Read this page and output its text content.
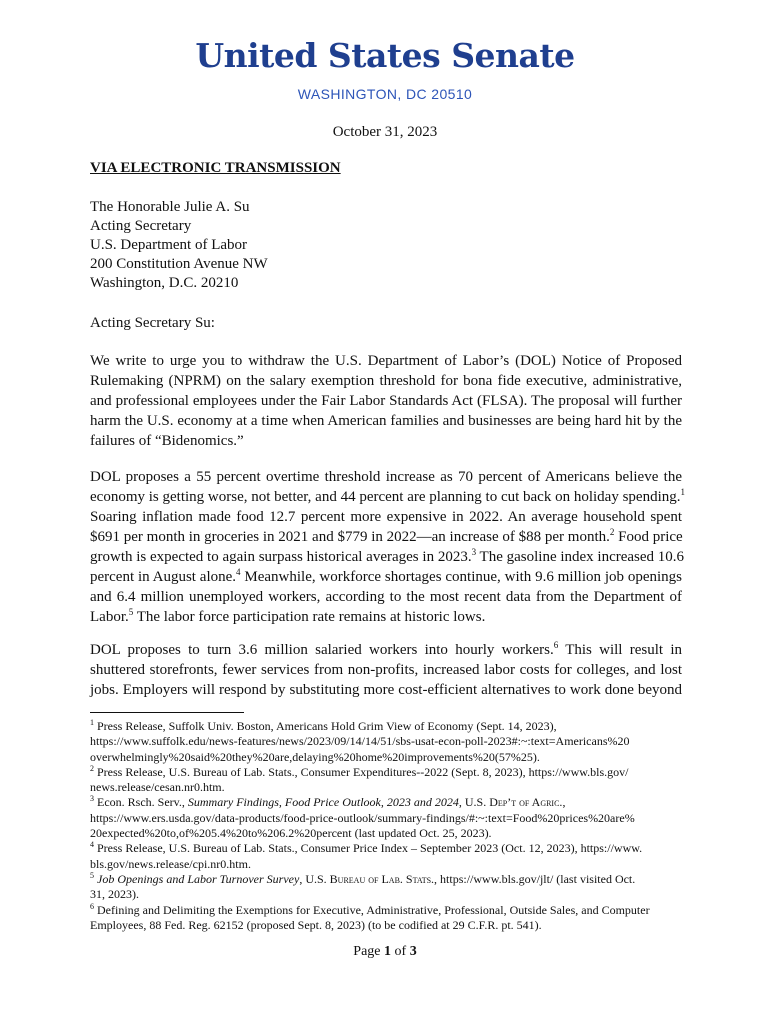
United States Senate
WASHINGTON, DC 20510
October 31, 2023
VIA ELECTRONIC TRANSMISSION
The Honorable Julie A. Su
Acting Secretary
U.S. Department of Labor
200 Constitution Avenue NW
Washington, D.C. 20210
Acting Secretary Su:
We write to urge you to withdraw the U.S. Department of Labor’s (DOL) Notice of Proposed
Rulemaking (NPRM) on the salary exemption threshold for bona fide executive, administrative,
and professional employees under the Fair Labor Standards Act (FLSA). The proposal will further
harm the U.S. economy at a time when American families and businesses are being hard hit by the
failures of “Bidenomics.”
DOL proposes a 55 percent overtime threshold increase as 70 percent of Americans believe the
economy is getting worse, not better, and 44 percent are planning to cut back on holiday spending.$^1$
Soaring inflation made food 12.7 percent more expensive in 2022. An average household spent
$691 per month in groceries in 2021 and $779 in 2022—an increase of $88 per month.$^2$ Food price
growth is expected to again surpass historical averages in 2023.$^3$ The gasoline index increased 10.6
percent in August alone.$^4$ Meanwhile, workforce shortages continue, with 9.6 million job openings
and 6.4 million unemployed workers, according to the most recent data from the Department of
Labor.$^5$ The labor force participation rate remains at historic lows.
DOL proposes to turn 3.6 million salaried workers into hourly workers.$^6$ This will result in
shuttered storefronts, fewer services from non-profits, increased labor costs for colleges, and lost
jobs. Employers will respond by substituting more cost-efficient alternatives to work done beyond
$^1$ Press Release, Suffolk Univ. Boston, Americans Hold Grim View of Economy (Sept. 14, 2023),
https://www.suffolk.edu/news-features/news/2023/09/14/14/51/sbs-usat-econ-poll-2023#:~:text=Americans%20
overwhelmingly%20said%20they%20are,delaying%20home%20improvements%20(57%25).
$^2$ Press Release, U.S. Bureau of Lab. Stats., Consumer Expenditures--2022 (Sept. 8, 2023), https://www.bls.gov/
news.release/cesan.nr0.htm.
$^3$ Econ. Rsch. Serv., Summary Findings, Food Price Outlook, 2023 and 2024, U.S. Dep’t of Agric.,
https://www.ers.usda.gov/data-products/food-price-outlook/summary-findings/#:~:text=Food%20prices%20are%
20expected%20to,of%205.4%20to%206.2%20percent (last updated Oct. 25, 2023).
$^4$ Press Release, U.S. Bureau of Lab. Stats., Consumer Price Index – September 2023 (Oct. 12, 2023), https://www.
bls.gov/news.release/cpi.nr0.htm.
$^5$ Job Openings and Labor Turnover Survey, U.S. Bureau of Lab. Stats., https://www.bls.gov/jlt/ (last visited Oct.
31, 2023).
$^6$ Defining and Delimiting the Exemptions for Executive, Administrative, Professional, Outside Sales, and Computer
Employees, 88 Fed. Reg. 62152 (proposed Sept. 8, 2023) (to be codified at 29 C.F.R. pt. 541).
Page 1 of 3
